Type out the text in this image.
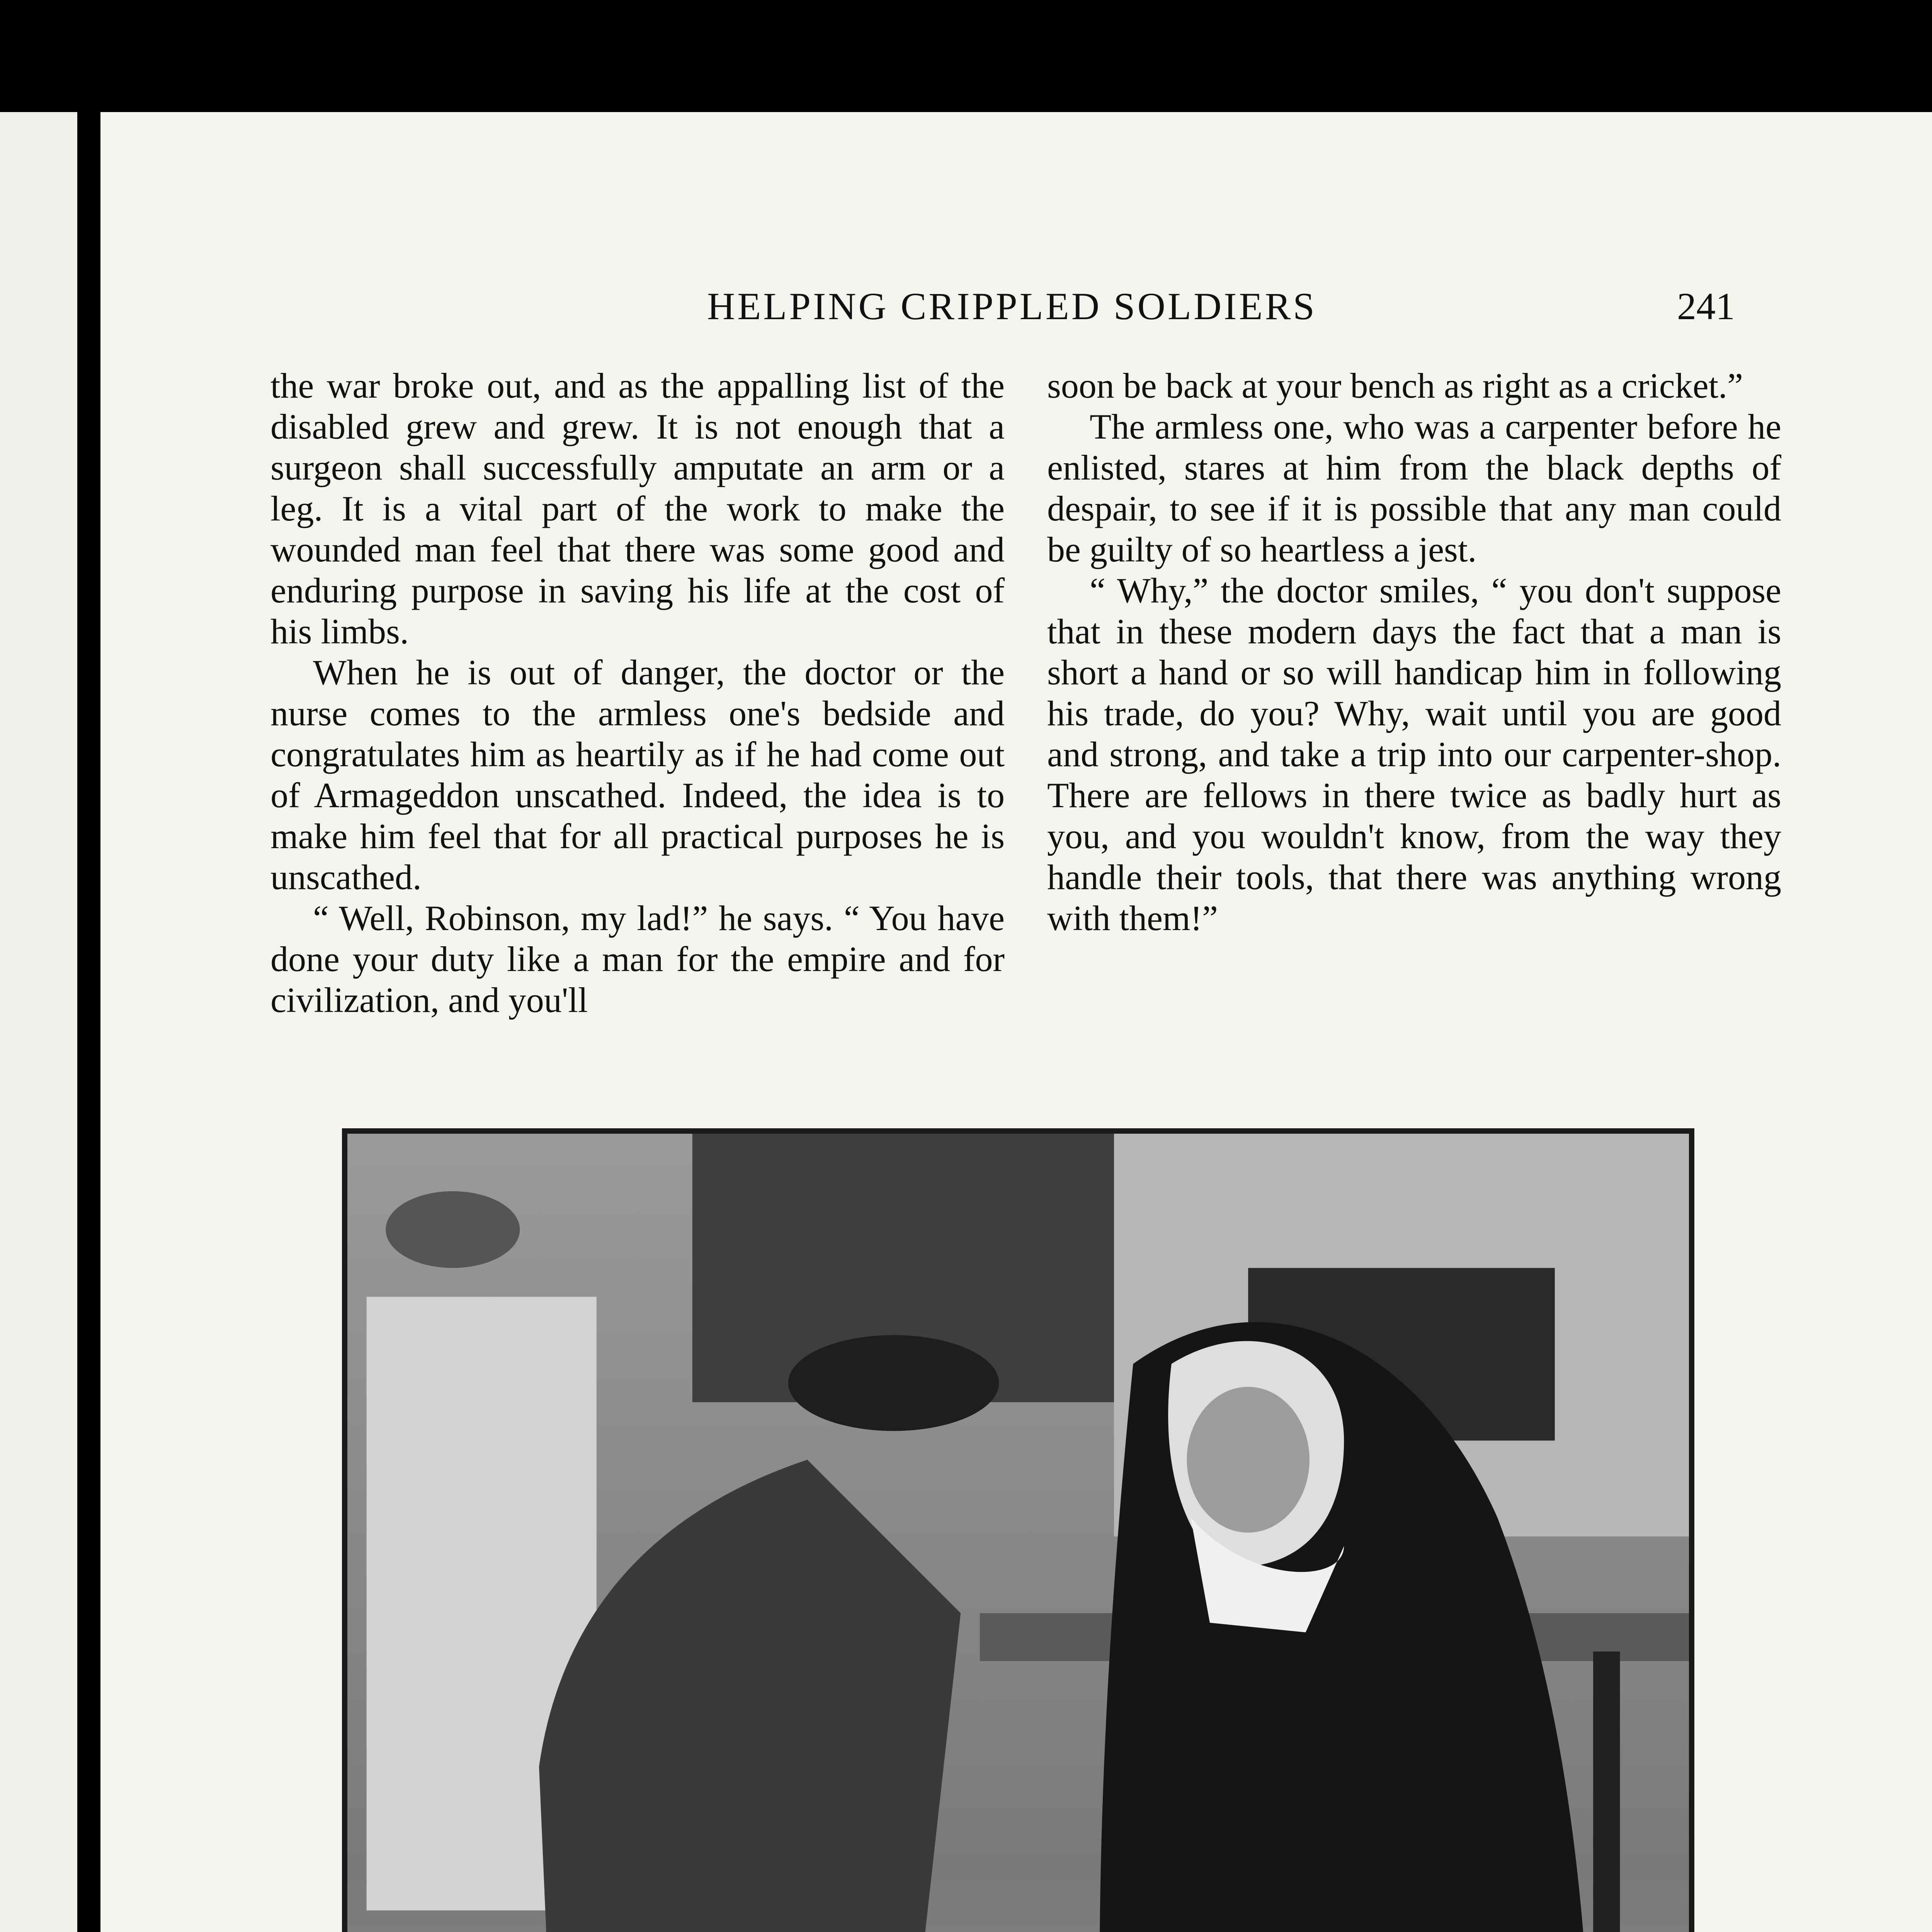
HELPING CRIPPLED SOLDIERS	241

the war broke out, and as the appalling list of the disabled grew and grew. It is not enough that a surgeon shall successfully amputate an arm or a leg. It is a vital part of the work to make the wounded man feel that there was some good and enduring purpose in saving his life at the cost of his limbs.

When he is out of danger, the doctor or the nurse comes to the armless one's bedside and congratulates him as heartily as if he had come out of Armageddon unscathed. Indeed, the idea is to make him feel that for all practical purposes he is unscathed.

“ Well, Robinson, my lad!” he says. “ You have done your duty like a man for the empire and for civilization, and you'll

soon be back at your bench as right as a cricket.”

The armless one, who was a carpenter before he enlisted, stares at him from the black depths of despair, to see if it is possible that any man could be guilty of so heartless a jest.

“ Why,” the doctor smiles, “ you don't suppose that in these modern days the fact that a man is short a hand or so will handicap him in following his trade, do you? Why, wait until you are good and strong, and take a trip into our carpenter-shop. There are fellows in there twice as badly hurt as you, and you wouldn't know, from the way they handle their tools, that there was anything wrong with them!”
